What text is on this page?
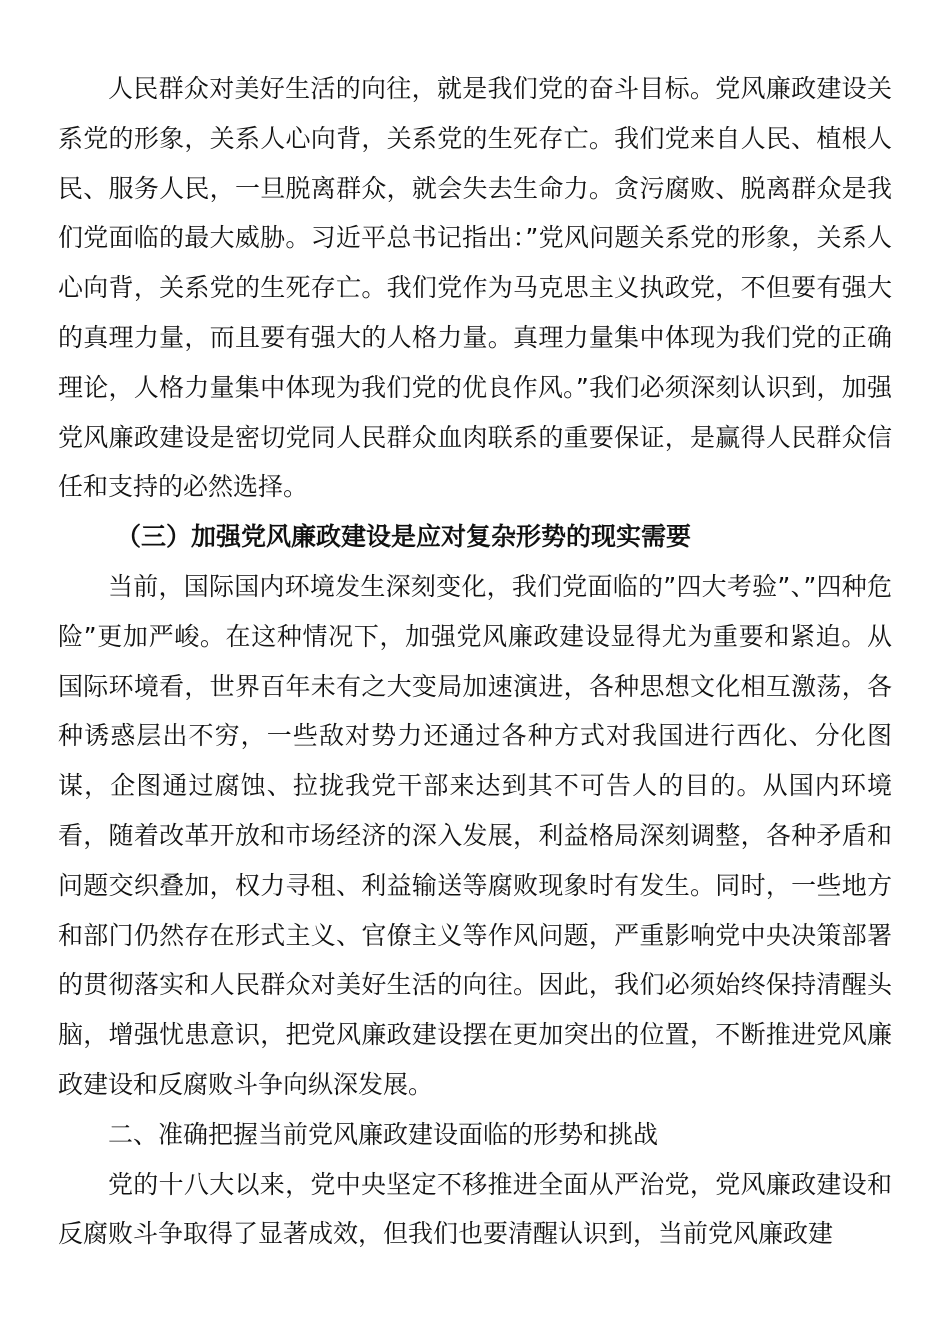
人民群众对美好生活的向往，就是我们党的奋斗目标。党风廉政建设关系党的形象，关系人心向背，关系党的生死存亡。我们党来自人民、植根人民、服务人民，一旦脱离群众，就会失去生命力。贪污腐败、脱离群众是我们党面临的最大威胁。习近平总书记指出：”党风问题关系党的形象，关系人心向背，关系党的生死存亡。我们党作为马克思主义执政党，不但要有强大的真理力量，而且要有强大的人格力量。真理力量集中体现为我们党的正确理论，人格力量集中体现为我们党的优良作风。”我们必须深刻认识到，加强党风廉政建设是密切党同人民群众血肉联系的重要保证，是赢得人民群众信任和支持的必然选择。

（三）加强党风廉政建设是应对复杂形势的现实需要

当前，国际国内环境发生深刻变化，我们党面临的”四大考验”、”四种危险”更加严峻。在这种情况下，加强党风廉政建设显得尤为重要和紧迫。从国际环境看，世界百年未有之大变局加速演进，各种思想文化相互激荡，各种诱惑层出不穷，一些敌对势力还通过各种方式对我国进行西化、分化图谋，企图通过腐蚀、拉拢我党干部来达到其不可告人的目的。从国内环境看，随着改革开放和市场经济的深入发展，利益格局深刻调整，各种矛盾和问题交织叠加，权力寻租、利益输送等腐败现象时有发生。同时，一些地方和部门仍然存在形式主义、官僚主义等作风问题，严重影响党中央决策部署的贯彻落实和人民群众对美好生活的向往。因此，我们必须始终保持清醒头脑，增强忧患意识，把党风廉政建设摆在更加突出的位置，不断推进党风廉政建设和反腐败斗争向纵深发展。

二、准确把握当前党风廉政建设面临的形势和挑战

党的十八大以来，党中央坚定不移推进全面从严治党，党风廉政建设和反腐败斗争取得了显著成效，但我们也要清醒认识到，当前党风廉政建
